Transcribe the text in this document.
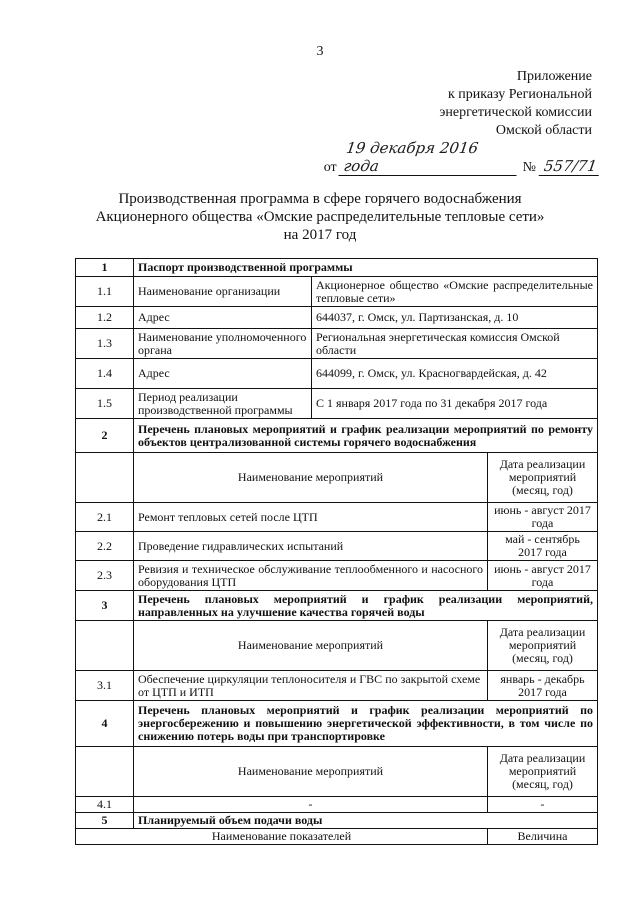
3
Приложение
к приказу Региональной
энергетической комиссии
Омской области
от
19 декабря 2016 года	№ 557/71
Производственная программа в сфере горячего водоснабжения
Акционерного общества «Омские распределительные тепловые сети»
на 2017 год
1	Паспорт производственной программы		
1.1	Наименование организации	Акционерное общество «Омские распределительные тепловые сети»	
1.2	Адрес	644037, г. Омск, ул. Партизанская, д. 10	
1.3	Наименование уполномоченного органа	Региональная энергетическая комиссия Омской области	
1.4	Адрес	644099, г. Омск, ул. Красногвардейская, д. 42	
1.5	Период реализации производственной программы	С 1 января 2017 года по 31 декабря 2017 года	
2	Перечень плановых мероприятий и график реализации мероприятий по ремонту объектов централизованной системы горячего водоснабжения		
	Наименование мероприятий		Дата реализации мероприятий (месяц, год)
2.1	Ремонт тепловых сетей после ЦТП		июнь - август 2017 года
2.2	Проведение гидравлических испытаний		май - сентябрь 2017 года
2.3	Ревизия и техническое обслуживание теплообменного и насосного оборудования ЦТП		июнь - август 2017 года
3	Перечень плановых мероприятий и график реализации мероприятий, направленных на улучшение качества горячей воды		
	Наименование мероприятий		Дата реализации мероприятий (месяц, год)
3.1	Обеспечение циркуляции теплоносителя и ГВС по закрытой схеме от ЦТП и ИТП		январь - декабрь 2017 года
4	Перечень плановых мероприятий и график реализации мероприятий по энергосбережению и повышению энергетической эффективности, в том числе по снижению потерь воды при транспортировке		
	Наименование мероприятий		Дата реализации мероприятий (месяц, год)
4.1	-		-
5	Планируемый объем подачи воды		
Наименование показателей			Величина
